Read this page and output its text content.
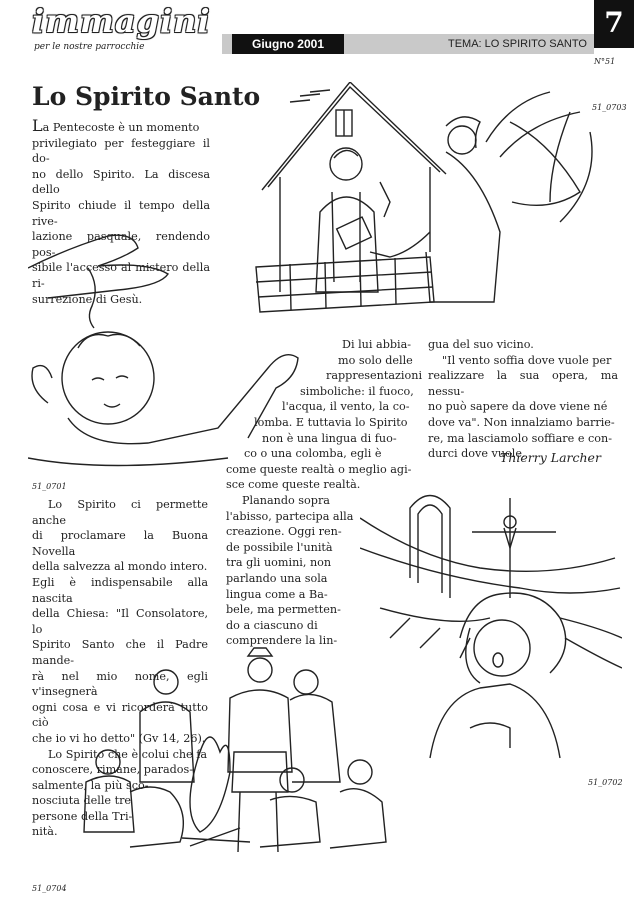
immagini
per le nostre parrocchie	Giugno 2001	TEMA: LO SPIRITO SANTO
7
N°51
Lo Spirito Santo
La Pentecoste è un momento
privilegiato per festeggiare il do-
no dello Spirito. La discesa dello
Spirito chiude il tempo della rive-
lazione pasquale, rendendo pos-
sibile l'accesso al mistero della ri-
surrezione di Gesù.
51_0703
51_0701
Lo Spirito ci permette anche
di proclamare la Buona Novella
della salvezza al mondo intero.
Egli è indispensabile alla nascita
della Chiesa: "Il Consolatore, lo
Spirito Santo che il Padre mande-
rà nel mio nome, egli v'insegnerà
ogni cosa e vi ricorderà tutto ciò
che io vi ho detto" (Gv 14, 26).
Lo Spirito che è colui che fa
conoscere, rimane, parados-
salmente, la più sco-
nosciuta delle tre
persone della Tri-
nità.
Di lui abbia-
mo solo delle
rappresentazioni
simboliche: il fuoco,
l'acqua, il vento, la co-
lomba. E tuttavia lo Spirito
non è una lingua di fuo-
co o una colomba, egli è
come queste realtà o meglio agi-
sce come queste realtà.
Planando sopra
l'abisso, partecipa alla
creazione. Oggi ren-
de possibile l'unità
tra gli uomini, non
parlando una sola
lingua come a Ba-
bele, ma permetten-
do a ciascuno di
comprendere la lin-
gua del suo vicino.
"Il vento soffia dove vuole per
realizzare la sua opera, ma nessu-
no può sapere da dove viene né
dove va". Non innalziamo barrie-
re, ma lasciamolo soffiare e con-
durci dove vuole.
Thierry Larcher
51_0702
51_0704
